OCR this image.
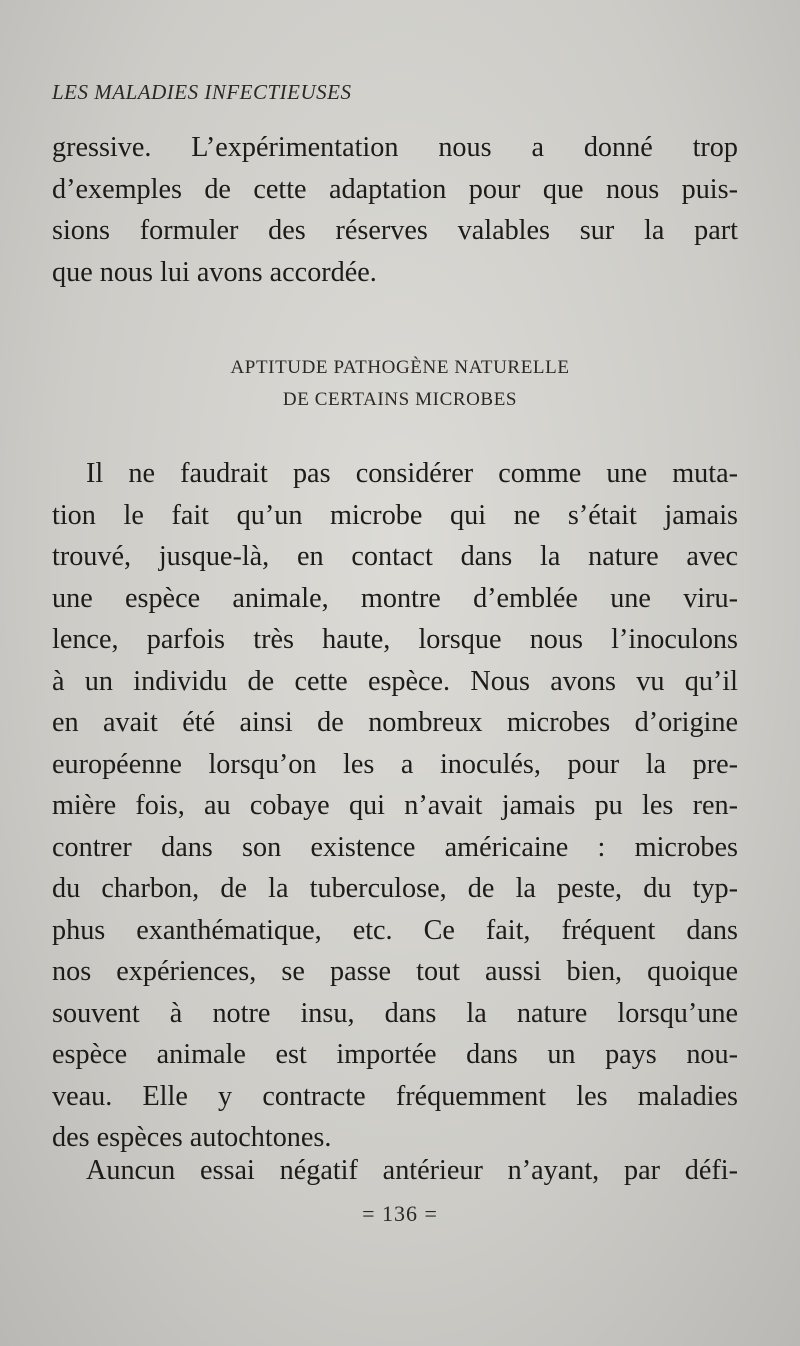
LES MALADIES INFECTIEUSES
gressive. L’expérimentation nous a donné trop
d’exemples de cette adaptation pour que nous puis-
sions formuler des réserves valables sur la part
que nous lui avons accordée.
APTITUDE PATHOGÈNE NATURELLE
DE CERTAINS MICROBES
Il ne faudrait pas considérer comme une muta-
tion le fait qu’un microbe qui ne s’était jamais
trouvé, jusque-là, en contact dans la nature avec
une espèce animale, montre d’emblée une viru-
lence, parfois très haute, lorsque nous l’inoculons
à un individu de cette espèce. Nous avons vu qu’il
en avait été ainsi de nombreux microbes d’origine
européenne lorsqu’on les a inoculés, pour la pre-
mière fois, au cobaye qui n’avait jamais pu les ren-
contrer dans son existence américaine : microbes
du charbon, de la tuberculose, de la peste, du typ-
phus exanthématique, etc. Ce fait, fréquent dans
nos expériences, se passe tout aussi bien, quoique
souvent à notre insu, dans la nature lorsqu’une
espèce animale est importée dans un pays nou-
veau. Elle y contracte fréquemment les maladies
des espèces autochtones.
Auncun essai négatif antérieur n’ayant, par défi-
= 136 =
